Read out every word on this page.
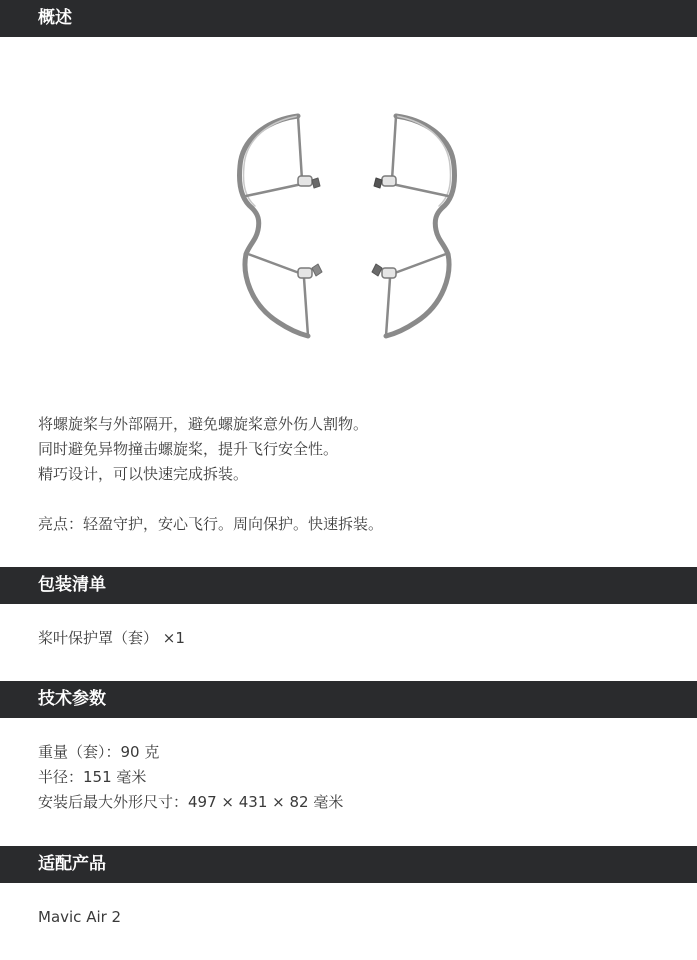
概述
将螺旋桨与外部隔开，避免螺旋桨意外伤人割物。
同时避免异物撞击螺旋桨，提升飞行安全性。
精巧设计，可以快速完成拆装。
亮点：轻盈守护，安心飞行。周向保护。快速拆装。
包装清单
桨叶保护罩（套） ×1
技术参数
重量（套）：90 克
半径：151 毫米
安装后最大外形尺寸：497 × 431 × 82 毫米
适配产品
Mavic Air 2
